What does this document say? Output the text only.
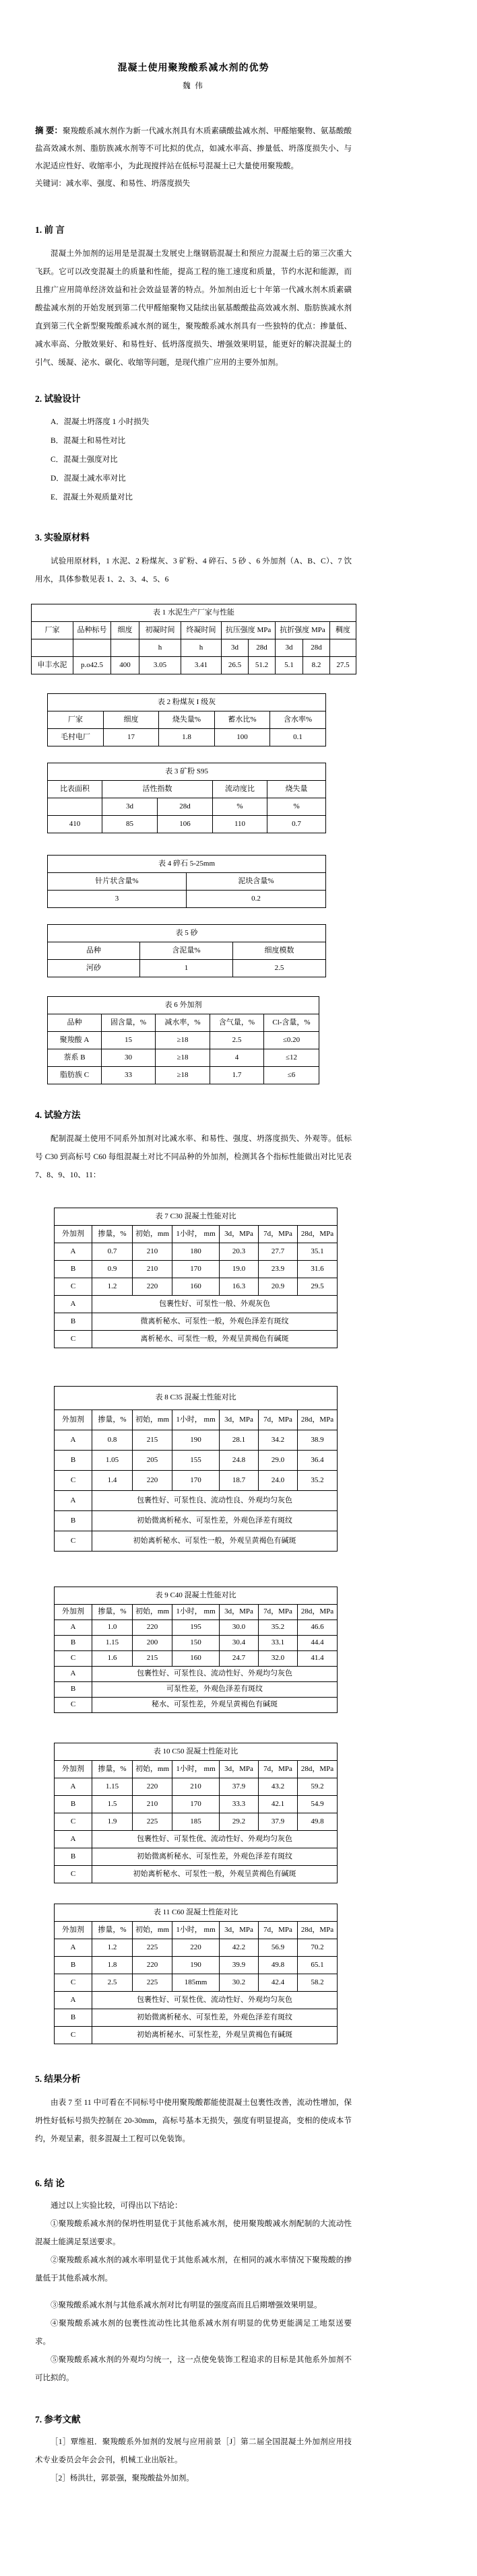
混凝土使用聚羧酸系减水剂的优势
魏 伟
摘 要：聚羧酸系减水剂作为新一代减水剂具有木质素磺酸盐减水剂、甲醛缩聚物、氨基酸酸盐高效减水剂、脂肪族减水剂等不可比拟的优点，如减水率高、掺量低、坍落度损失小、与水泥适应性好、收缩率小，为此现搅拌站在低标号混凝土已大量使用聚羧酸。
关键词：减水率、强度、和易性、坍落度损失
1. 前 言
混凝土外加剂的运用是是混凝土发展史上继钢筋混凝土和预应力混凝土后的第三次重大飞跃。它可以改变混凝土的质量和性能，提高工程的施工速度和质量，节约水泥和能源，而且推广应用简单经济效益和社会效益显著的特点。外加剂由近七十年第一代减水剂木质素磺酸盐减水剂的开始发展到第二代甲醛缩聚物又陆续出氨基酸酸盐高效减水剂、脂肪族减水剂直到第三代全新型聚羧酸系减水剂的诞生，聚羧酸系减水剂具有一些独特的优点：掺量低、减水率高、分散效果好、和易性好、低坍落度损失、增强效果明显，能更好的解决混凝土的引气、缓凝、泌水、碳化、收缩等问题，是现代推广应用的主要外加剂。
2. 试验设计
A．混凝土坍落度 1 小时损失
B．混凝土和易性对比
C．混凝土强度对比
D．混凝土减水率对比
E．混凝土外观质量对比
3. 实验原材料
试验用原材料，1 水泥、2 粉煤灰、3 矿粉、4 碎石、5 砂 、6 外加剂（A、B、C）、7 饮用水，具体参数见表 1、2、3、4、5、6
表 1 水泥生产厂家与性能									
厂家	品种标号	细度	初凝时间	终凝时间	抗压强度 MPa		抗折强度 MPa		稠度
			h	h	3d	28d	3d	28d	
申丰水泥	p.o42.5	400	3.05	3.41	26.5	51.2	5.1	8.2	27.5
表 2 粉煤灰 I 级灰				
厂家	细度	烧失量%	蓄水比%	含水率%
毛村电厂	17	1.8	100	0.1
表 3 矿粉 S95				
比表面积	活性指数		流动度比	烧失量
	3d	28d	%	%
410	85	106	110	0.7
表 4 碎石 5-25mm	
针片状含量%	泥块含量%
3	0.2
表 5 砂		
品种	含泥量%	细度模数
河砂	1	2.5
表 6 外加剂				
品种	固含量，%	减水率，%	含气量，%	Cl-含量，%
聚羧酸 A	15	≥18	2.5	≤0.20
萘系 B	30	≥18	4	≤12
脂肪族 C	33	≥18	1.7	≤6
4. 试验方法
配制混凝土使用不同系外加剂对比减水率、和易性、强度、坍落度损失、外观等。低标号 C30 到高标号 C60 每组混凝土对比不同品种的外加剂，检测其各个指标性能做出对比见表 7、8、9、10、11：
表 7 C30 混凝土性能对比						
外加剂	掺量，%	初始，mm	1小时， mm	3d，MPa	7d，MPa	28d，MPa
A	0.7	210	180	20.3	27.7	35.1
B	0.9	210	170	19.0	23.9	31.6
C	1.2	220	160	16.3	20.9	29.5
A	包裹性好、可泵性一般、外观灰色					
B	微离析秘水、可泵性一般，外观色泽差有斑纹					
C	离析秘水、可泵性一般，外观呈黄褐色有碱斑					
表 8 C35 混凝土性能对比						
外加剂	掺量，%	初始，mm	1小时， mm	3d，MPa	7d，MPa	28d，MPa
A	0.8	215	190	28.1	34.2	38.9
B	1.05	205	155	24.8	29.0	36.4
C	1.4	220	170	18.7	24.0	35.2
A	包裹性好、可泵性良、流动性良、外观均匀灰色					
B	初始微离析秘水、可泵性差，外观色泽差有斑纹					
C	初始离析秘水、可泵性一般，外观呈黄褐色有碱斑					
表 9 C40 混凝土性能对比						
外加剂	掺量，%	初始，mm	1小时， mm	3d，MPa	7d，MPa	28d，MPa
A	1.0	220	195	30.0	35.2	46.6
B	1.15	200	150	30.4	33.1	44.4
C	1.6	215	160	24.7	32.0	41.4
A	包裹性好、可泵性良、流动性好、外观均匀灰色					
B	可泵性差，外观色泽差有斑纹					
C	秘水、可泵性差，外观呈黄褐色有碱斑					
表 10 C50 混凝土性能对比						
外加剂	掺量，%	初始，mm	1小时， mm	3d，MPa	7d，MPa	28d，MPa
A	1.15	220	210	37.9	43.2	59.2
B	1.5	210	170	33.3	42.1	54.9
C	1.9	225	185	29.2	37.9	49.8
A	包裹性好、可泵性优、流动性好、外观均匀灰色					
B	初始微离析秘水、可泵性差，外观色泽差有斑纹					
C	初始离析秘水、可泵性一般，外观呈黄褐色有碱斑					
表 11 C60 混凝土性能对比						
外加剂	掺量，%	初始，mm	1小时， mm	3d，MPa	7d，MPa	28d，MPa
A	1.2	225	220	42.2	56.9	70.2
B	1.8	220	190	39.9	49.8	65.1
C	2.5	225	185mm	30.2	42.4	58.2
A	包裹性好、可泵性优、流动性好、外观均匀灰色					
B	初始微离析秘水、可泵性差，外观色泽差有斑纹					
C	初始离析秘水、可泵性差，外观呈黄褐色有碱斑					
5. 结果分析
由表 7 至 11 中可看在不同标号中使用聚羧酸都能使混凝土包裹性改善，流动性增加，保坍性好低标号损失控制在 20-30mm，高标号基本无损失，强度有明显提高，变相的使成本节约，外观呈素，很多混凝土工程可以免装饰。
6. 结 论
通过以上实验比较，可得出以下结论：
①聚羧酸系减水剂的保坍性明显优于其他系减水剂，使用聚羧酸减水剂配制的大流动性混凝土能满足泵送要求。
②聚羧酸系减水剂的减水率明显优于其他系减水剂，在相同的减水率情况下聚羧酸的掺量低于其他系减水剂。
③聚羧酸系减水剂与其他系减水剂对比有明显的强度高而且后期增强效果明显。
④聚羧酸系减水剂的包裹性流动性比其他系减水剂有明显的优势更能满足工地泵送要求。
⑤聚羧酸系减水剂的外观均匀统一，这一点使免装饰工程追求的目标是其他系外加剂不可比拟的。
7. 参考文献
［1］覃维祖．聚羧酸系外加剂的发展与应用前景［J］第二届全国混凝土外加剂应用技术专业委员会年会会刊，机械工业出版社。
［2］杨洪壮，郭景强，聚羧酸盐外加剂。
